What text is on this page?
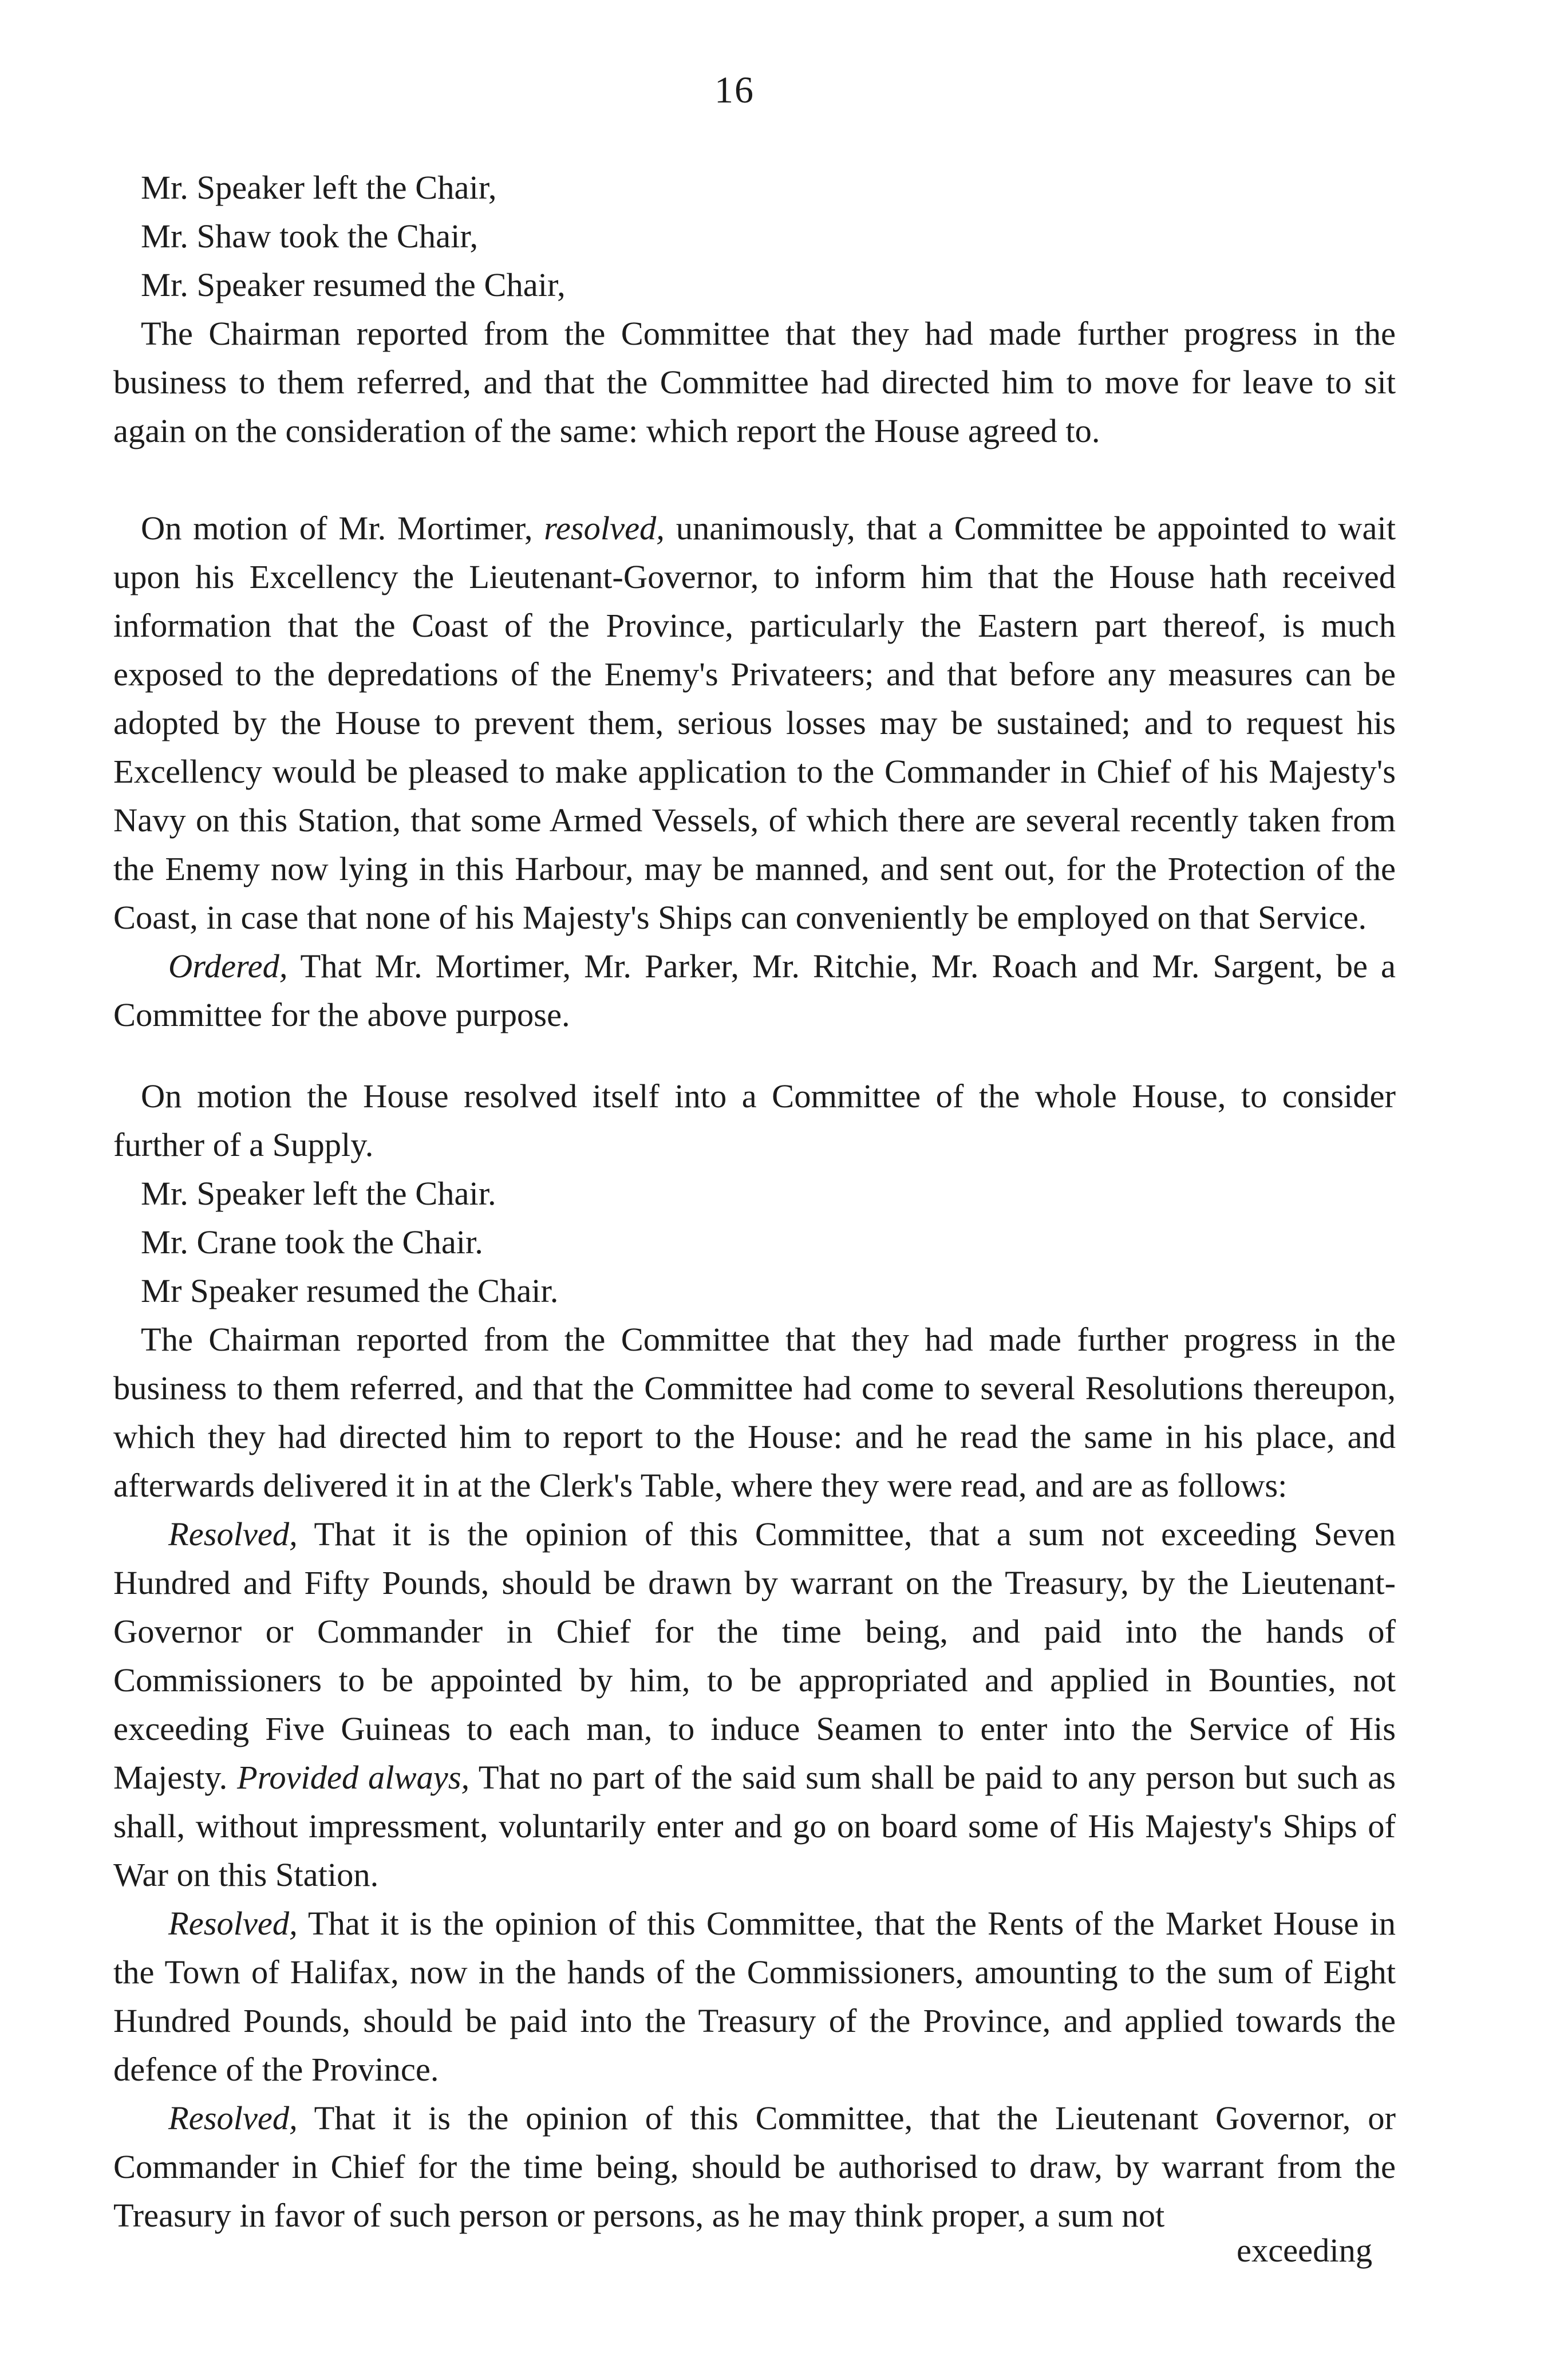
16

Mr. Speaker left the Chair,

Mr. Shaw took the Chair,

Mr. Speaker resumed the Chair,

The Chairman reported from the Committee that they had made further progress in the business to them referred, and that the Committee had directed him to move for leave to sit again on the consideration of the same: which report the House agreed to.

On motion of Mr. Mortimer, resolved, unanimously, that a Committee be appointed to wait upon his Excellency the Lieutenant-Governor, to inform him that the House hath received information that the Coast of the Province, particularly the Eastern part thereof, is much exposed to the depredations of the Enemy's Privateers; and that before any measures can be adopted by the House to prevent them, serious losses may be sustained; and to request his Excellency would be pleased to make application to the Commander in Chief of his Majesty's Navy on this Station, that some Armed Vessels, of which there are several recently taken from the Enemy now lying in this Harbour, may be manned, and sent out, for the Protection of the Coast, in case that none of his Majesty's Ships can conveniently be employed on that Service.

Ordered, That Mr. Mortimer, Mr. Parker, Mr. Ritchie, Mr. Roach and Mr. Sargent, be a Committee for the above purpose.

On motion the House resolved itself into a Committee of the whole House, to consider further of a Supply.

Mr. Speaker left the Chair.

Mr. Crane took the Chair.

Mr Speaker resumed the Chair.

The Chairman reported from the Committee that they had made further progress in the business to them referred, and that the Committee had come to several Resolutions thereupon, which they had directed him to report to the House: and he read the same in his place, and afterwards delivered it in at the Clerk's Table, where they were read, and are as follows:

Resolved, That it is the opinion of this Committee, that a sum not exceeding Seven Hundred and Fifty Pounds, should be drawn by warrant on the Treasury, by the Lieutenant-Governor or Commander in Chief for the time being, and paid into the hands of Commissioners to be appointed by him, to be appropriated and applied in Bounties, not exceeding Five Guineas to each man, to induce Seamen to enter into the Service of His Majesty. Provided always, That no part of the said sum shall be paid to any person but such as shall, without impressment, voluntarily enter and go on board some of His Majesty's Ships of War on this Station.

Resolved, That it is the opinion of this Committee, that the Rents of the Market House in the Town of Halifax, now in the hands of the Commissioners, amounting to the sum of Eight Hundred Pounds, should be paid into the Treasury of the Province, and applied towards the defence of the Province.

Resolved, That it is the opinion of this Committee, that the Lieutenant Governor, or Commander in Chief for the time being, should be authorised to draw, by warrant from the Treasury in favor of such person or persons, as he may think proper, a sum not

exceeding
